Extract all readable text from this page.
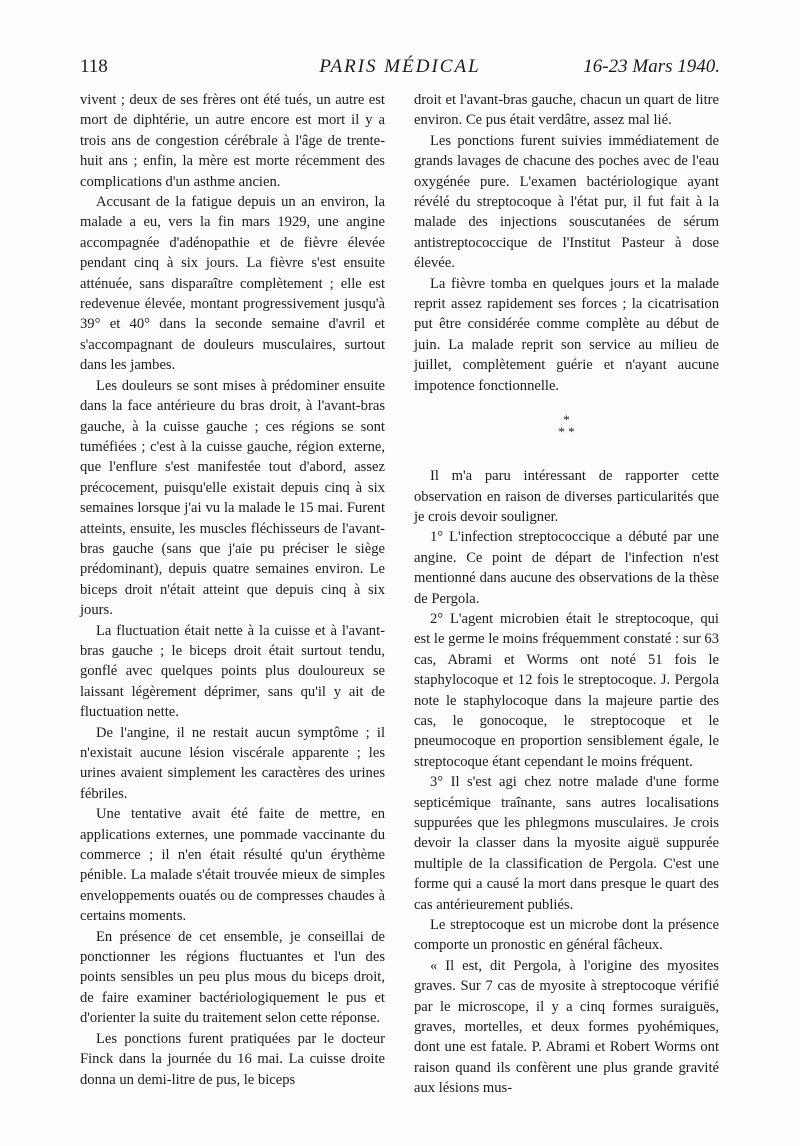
118	PARIS MÉDICAL	16-23 Mars 1940.

vivent ; deux de ses frères ont été tués, un autre est mort de diphtérie, un autre encore est mort il y a trois ans de congestion cérébrale à l'âge de trente-huit ans ; enfin, la mère est morte récemment des complications d'un asthme ancien.

Accusant de la fatigue depuis un an environ, la malade a eu, vers la fin mars 1929, une angine accompagnée d'adénopathie et de fièvre élevée pendant cinq à six jours. La fièvre s'est ensuite atténuée, sans disparaître complètement ; elle est redevenue élevée, montant progressivement jusqu'à 39° et 40° dans la seconde semaine d'avril et s'accompagnant de douleurs musculaires, surtout dans les jambes.

Les douleurs se sont mises à prédominer ensuite dans la face antérieure du bras droit, à l'avant-bras gauche, à la cuisse gauche ; ces régions se sont tuméfiées ; c'est à la cuisse gauche, région externe, que l'enflure s'est manifestée tout d'abord, assez précocement, puisqu'elle existait depuis cinq à six semaines lorsque j'ai vu la malade le 15 mai. Furent atteints, ensuite, les muscles fléchisseurs de l'avant-bras gauche (sans que j'aie pu préciser le siège prédominant), depuis quatre semaines environ. Le biceps droit n'était atteint que depuis cinq à six jours.

La fluctuation était nette à la cuisse et à l'avant-bras gauche ; le biceps droit était surtout tendu, gonflé avec quelques points plus douloureux se laissant légèrement déprimer, sans qu'il y ait de fluctuation nette.

De l'angine, il ne restait aucun symptôme ; il n'existait aucune lésion viscérale apparente ; les urines avaient simplement les caractères des urines fébriles.

Une tentative avait été faite de mettre, en applications externes, une pommade vaccinante du commerce ; il n'en était résulté qu'un érythème pénible. La malade s'était trouvée mieux de simples enveloppements ouatés ou de compresses chaudes à certains moments.

En présence de cet ensemble, je conseillai de ponctionner les régions fluctuantes et l'un des points sensibles un peu plus mous du biceps droit, de faire examiner bactériologiquement le pus et d'orienter la suite du traitement selon cette réponse.

Les ponctions furent pratiquées par le docteur Finck dans la journée du 16 mai. La cuisse droite donna un demi-litre de pus, le biceps

droit et l'avant-bras gauche, chacun un quart de litre environ. Ce pus était verdâtre, assez mal lié.

Les ponctions furent suivies immédiatement de grands lavages de chacune des poches avec de l'eau oxygénée pure. L'examen bactériologique ayant révélé du streptocoque à l'état pur, il fut fait à la malade des injections souscutanées de sérum antistreptococcique de l'Institut Pasteur à dose élevée.

La fièvre tomba en quelques jours et la malade reprit assez rapidement ses forces ; la cicatrisation put être considérée comme complète au début de juin. La malade reprit son service au milieu de juillet, complètement guérie et n'ayant aucune impotence fonctionnelle.

*
* *

Il m'a paru intéressant de rapporter cette observation en raison de diverses particularités que je crois devoir souligner.

1° L'infection streptococcique a débuté par une angine. Ce point de départ de l'infection n'est mentionné dans aucune des observations de la thèse de Pergola.

2° L'agent microbien était le streptocoque, qui est le germe le moins fréquemment constaté : sur 63 cas, Abrami et Worms ont noté 51 fois le staphylocoque et 12 fois le streptocoque. J. Pergola note le staphylocoque dans la majeure partie des cas, le gonocoque, le streptocoque et le pneumocoque en proportion sensiblement égale, le streptocoque étant cependant le moins fréquent.

3° Il s'est agi chez notre malade d'une forme septicémique traînante, sans autres localisations suppurées que les phlegmons musculaires. Je crois devoir la classer dans la myosite aiguë suppurée multiple de la classification de Pergola. C'est une forme qui a causé la mort dans presque le quart des cas antérieurement publiés.

Le streptocoque est un microbe dont la présence comporte un pronostic en général fâcheux.

« Il est, dit Pergola, à l'origine des myosites graves. Sur 7 cas de myosite à streptocoque vérifié par le microscope, il y a cinq formes suraiguës, graves, mortelles, et deux formes pyohémiques, dont une est fatale. P. Abrami et Robert Worms ont raison quand ils confèrent une plus grande gravité aux lésions mus-
